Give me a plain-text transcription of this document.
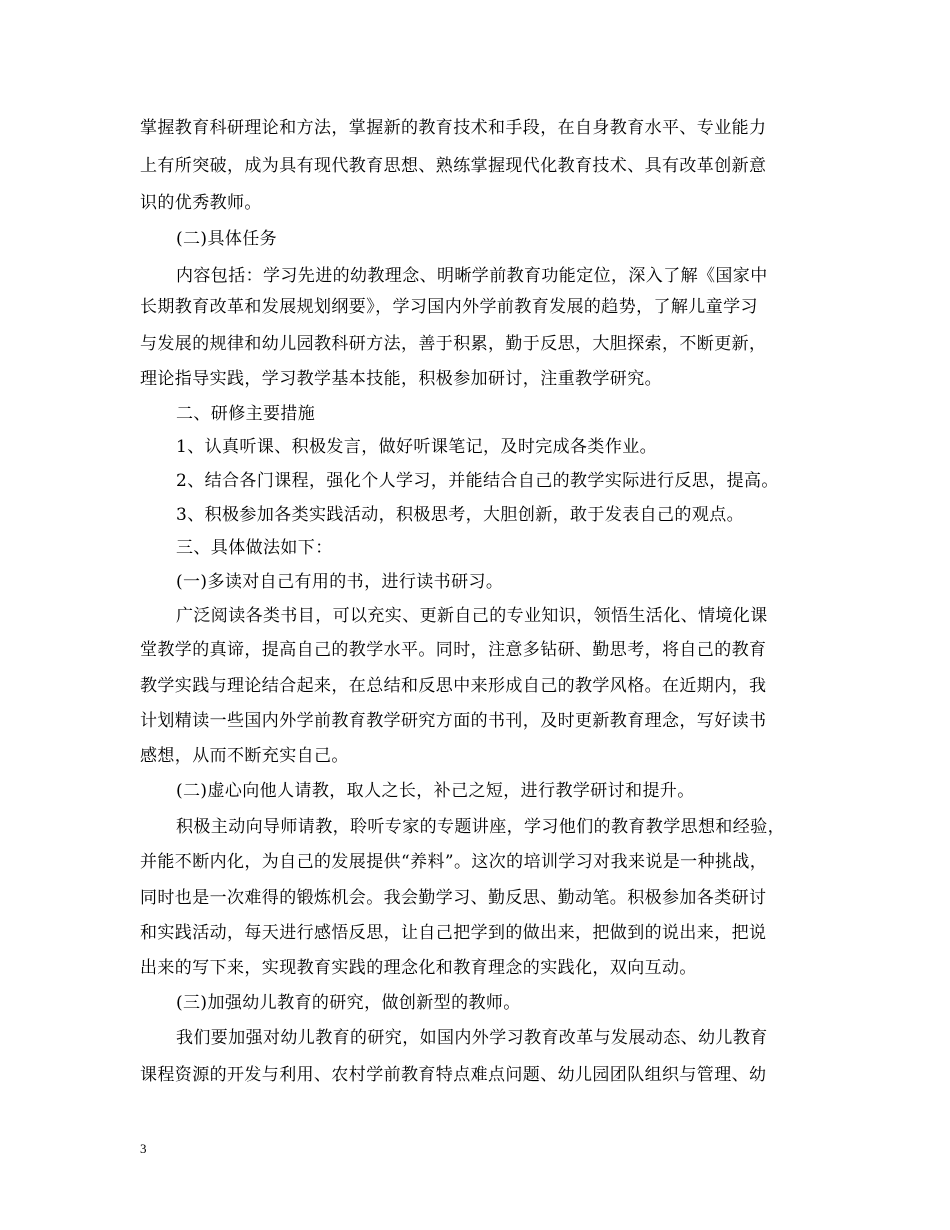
掌握教育科研理论和方法，掌握新的教育技术和手段，在自身教育水平、专业能力
上有所突破，成为具有现代教育思想、熟练掌握现代化教育技术、具有改革创新意
识的优秀教师。
(二)具体任务
内容包括：学习先进的幼教理念、明晰学前教育功能定位，深入了解《国家中
长期教育改革和发展规划纲要》，学习国内外学前教育发展的趋势，了解儿童学习
与发展的规律和幼儿园教科研方法，善于积累，勤于反思，大胆探索，不断更新，
理论指导实践，学习教学基本技能，积极参加研讨，注重教学研究。
二、研修主要措施
1、认真听课、积极发言，做好听课笔记，及时完成各类作业。
2、结合各门课程，强化个人学习，并能结合自己的教学实际进行反思，提高。
3、积极参加各类实践活动，积极思考，大胆创新，敢于发表自己的观点。
三、具体做法如下：
(一)多读对自己有用的书，进行读书研习。
广泛阅读各类书目，可以充实、更新自己的专业知识，领悟生活化、情境化课
堂教学的真谛，提高自己的教学水平。同时，注意多钻研、勤思考，将自己的教育
教学实践与理论结合起来，在总结和反思中来形成自己的教学风格。在近期内，我
计划精读一些国内外学前教育教学研究方面的书刊，及时更新教育理念，写好读书
感想，从而不断充实自己。
(二)虚心向他人请教，取人之长，补己之短，进行教学研讨和提升。
积极主动向导师请教，聆听专家的专题讲座，学习他们的教育教学思想和经验，
并能不断内化，为自己的发展提供“养料”。这次的培训学习对我来说是一种挑战，
同时也是一次难得的锻炼机会。我会勤学习、勤反思、勤动笔。积极参加各类研讨
和实践活动，每天进行感悟反思，让自己把学到的做出来，把做到的说出来，把说
出来的写下来，实现教育实践的理念化和教育理念的实践化，双向互动。
(三)加强幼儿教育的研究，做创新型的教师。
我们要加强对幼儿教育的研究，如国内外学习教育改革与发展动态、幼儿教育
课程资源的开发与利用、农村学前教育特点难点问题、幼儿园团队组织与管理、幼
3
